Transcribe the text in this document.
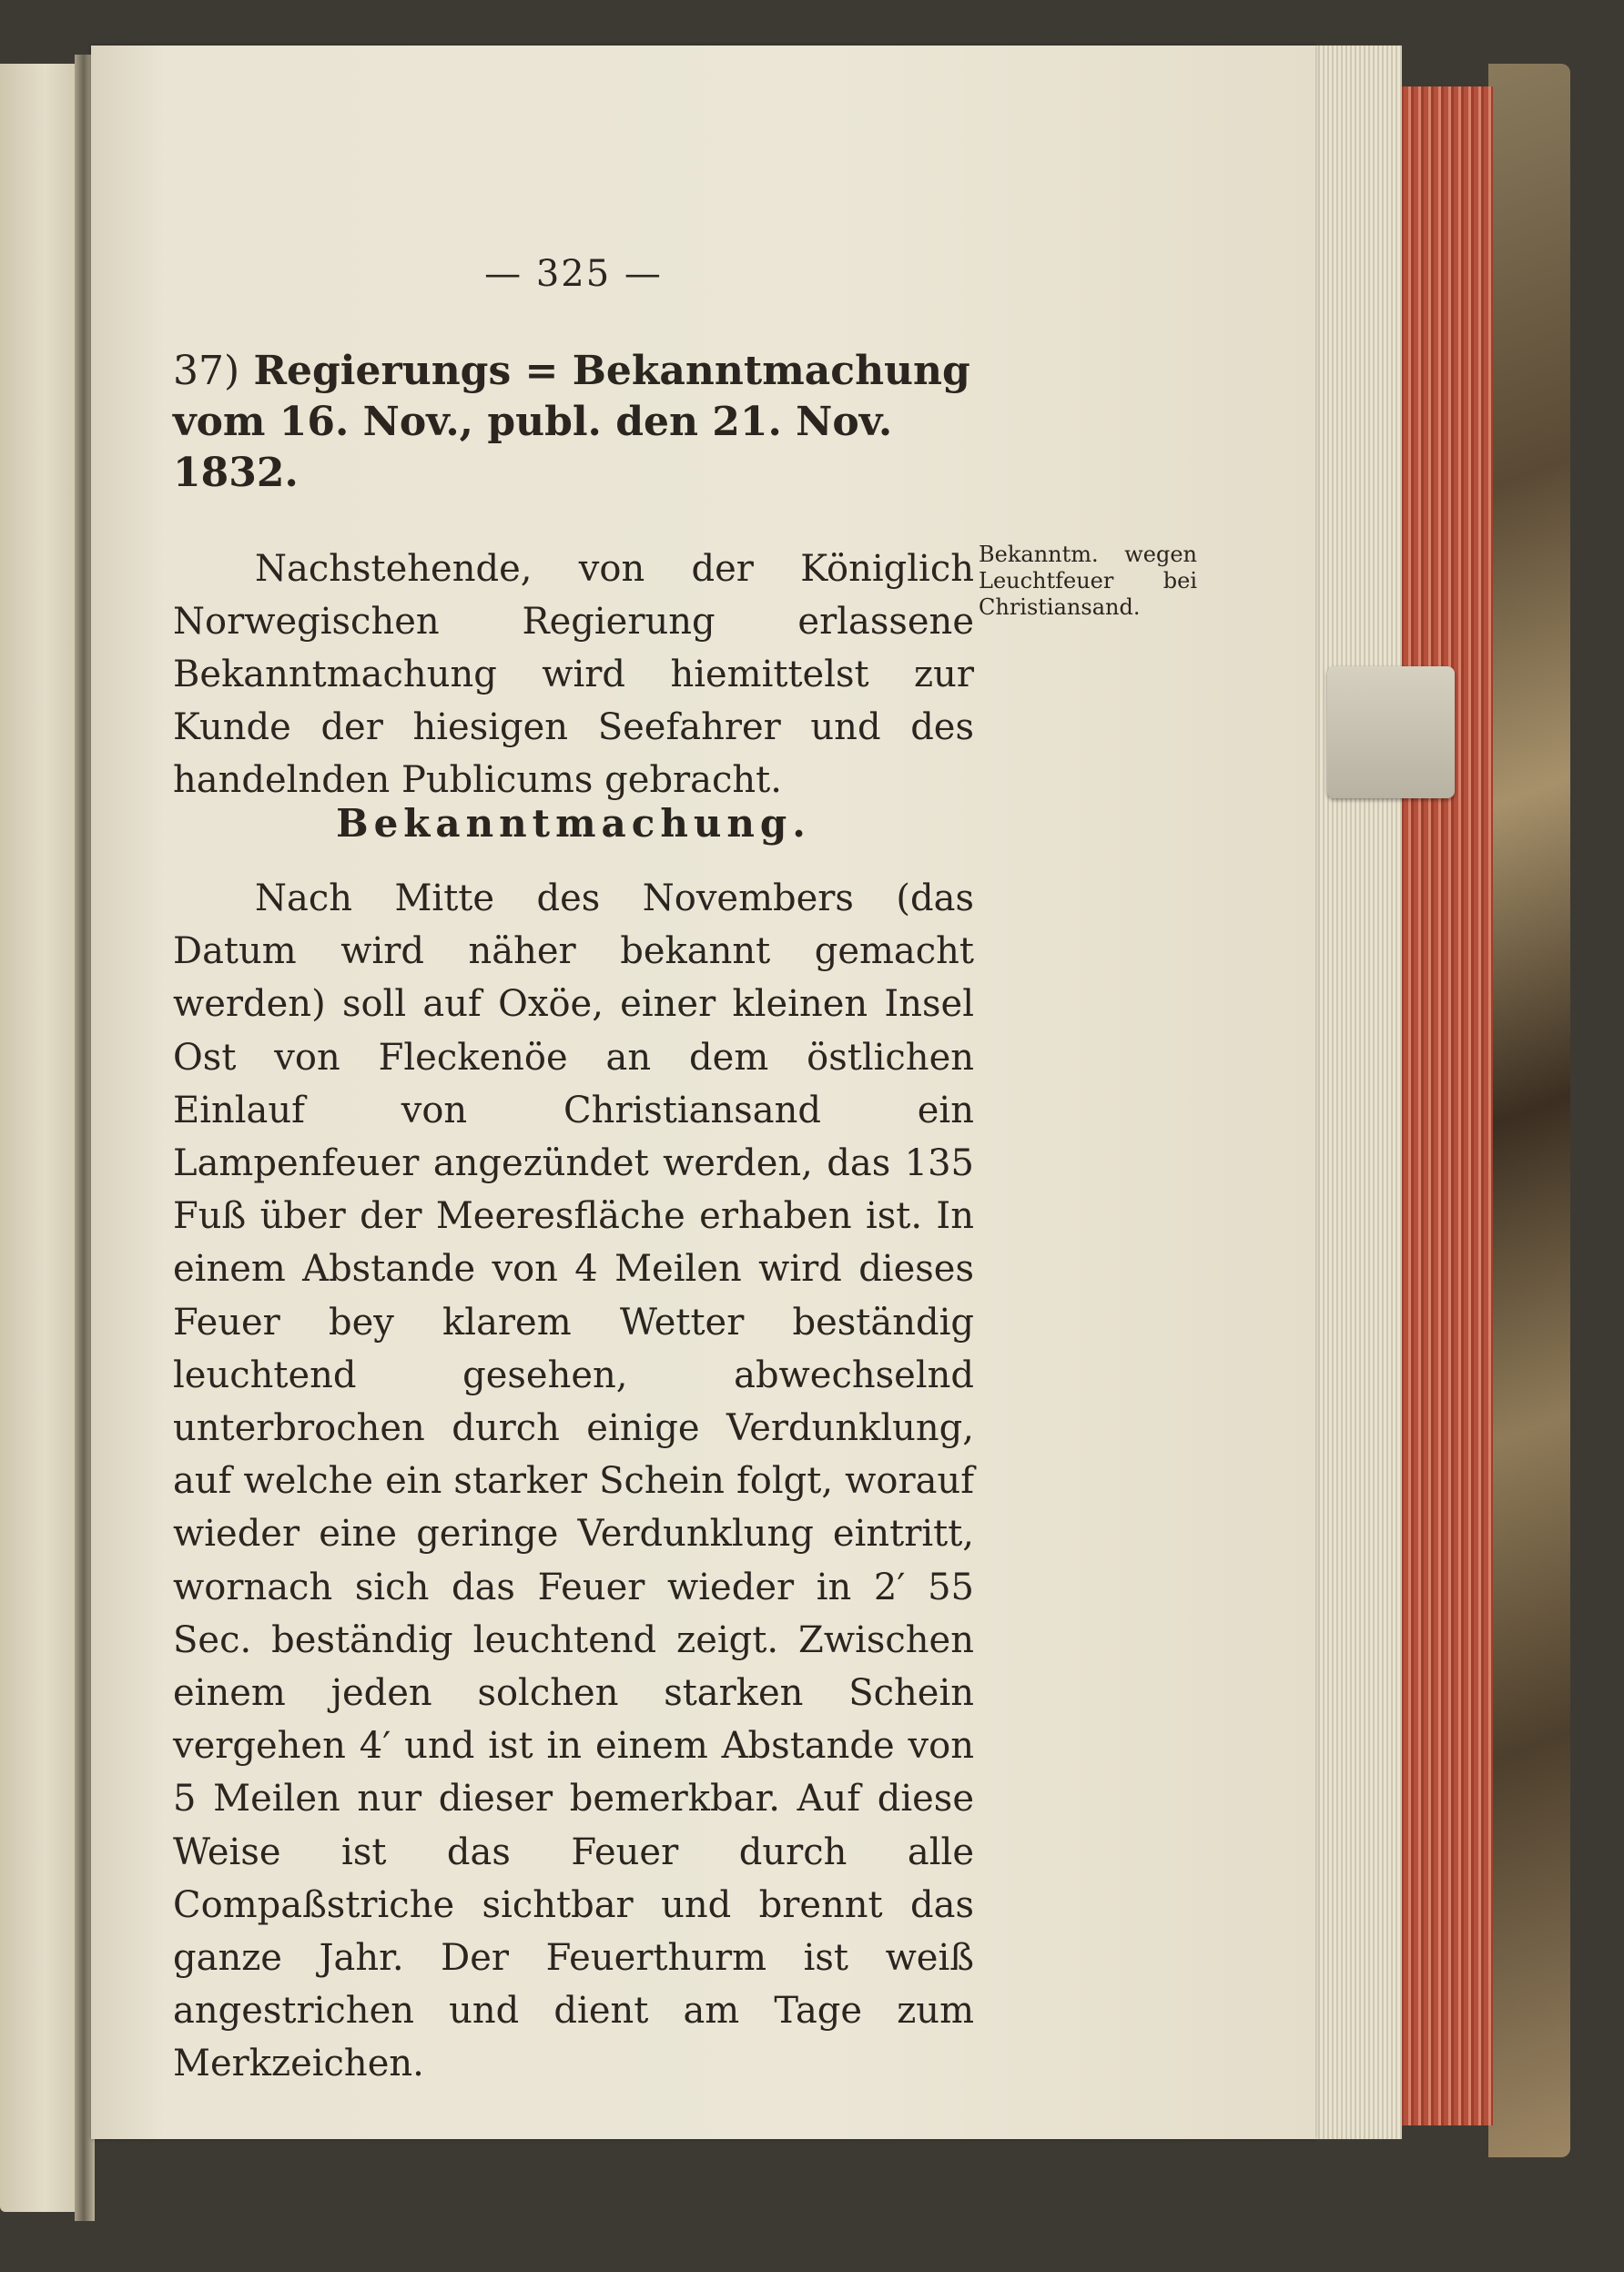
— 325 —
37) Regierungs = Bekanntmachung vom 16. Nov., publ. den 21. Nov. 1832.
Bekanntm. wegen Leuchtfeuer bei Christiansand.
Nachstehende, von der Königlich Norwegischen Regierung erlassene Bekanntmachung wird hiemittelst zur Kunde der hiesigen Seefahrer und des handelnden Publicums gebracht.
Bekanntmachung.
Nach Mitte des Novembers (das Datum wird näher bekannt gemacht werden) soll auf Oxöe, einer kleinen Insel Ost von Fleckenöe an dem östlichen Einlauf von Christiansand ein Lampenfeuer angezündet werden, das 135 Fuß über der Meeresfläche erhaben ist. In einem Abstande von 4 Meilen wird dieses Feuer bey klarem Wetter beständig leuchtend gesehen, abwechselnd unterbrochen durch einige Verdunklung, auf welche ein starker Schein folgt, worauf wieder eine geringe Verdunklung eintritt, wornach sich das Feuer wieder in 2′ 55 Sec. beständig leuchtend zeigt. Zwischen einem jeden solchen starken Schein vergehen 4′ und ist in einem Abstande von 5 Meilen nur dieser bemerkbar. Auf diese Weise ist das Feuer durch alle Compaßstriche sichtbar und brennt das ganze Jahr. Der Feuerthurm ist weiß angestrichen und dient am Tage zum Merkzeichen.
